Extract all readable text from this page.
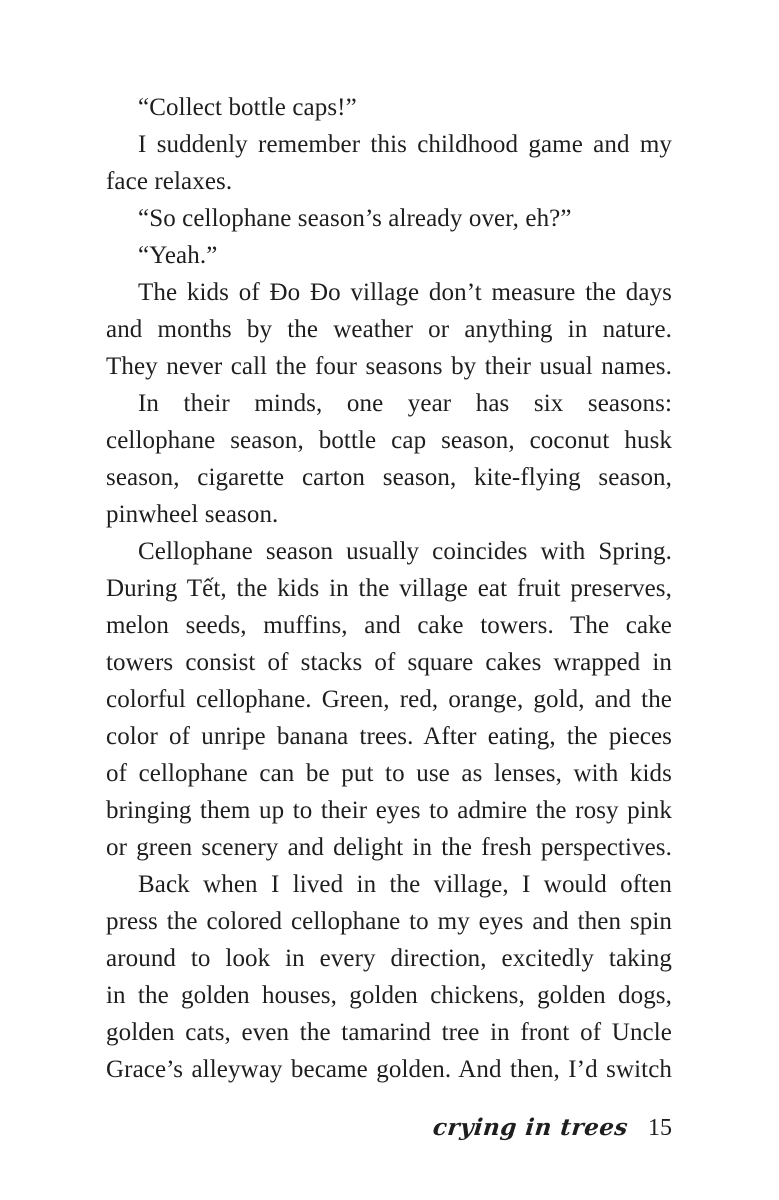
“Collect bottle caps!”
I suddenly remember this childhood game and my
face relaxes.
“So cellophane season’s already over, eh?”
“Yeah.”
The kids of Đo Đo village don’t measure the days
and months by the weather or anything in nature.
They never call the four seasons by their usual names.
In their minds, one year has six seasons:
cellophane season, bottle cap season, coconut husk
season, cigarette carton season, kite-flying season,
pinwheel season.
Cellophane season usually coincides with Spring.
During Tết, the kids in the village eat fruit preserves,
melon seeds, muffins, and cake towers. The cake
towers consist of stacks of square cakes wrapped in
colorful cellophane. Green, red, orange, gold, and the
color of unripe banana trees. After eating, the pieces
of cellophane can be put to use as lenses, with kids
bringing them up to their eyes to admire the rosy pink
or green scenery and delight in the fresh perspectives.
Back when I lived in the village, I would often
press the colored cellophane to my eyes and then spin
around to look in every direction, excitedly taking
in the golden houses, golden chickens, golden dogs,
golden cats, even the tamarind tree in front of Uncle
Grace’s alleyway became golden. And then, I’d switch
crying in trees 15
